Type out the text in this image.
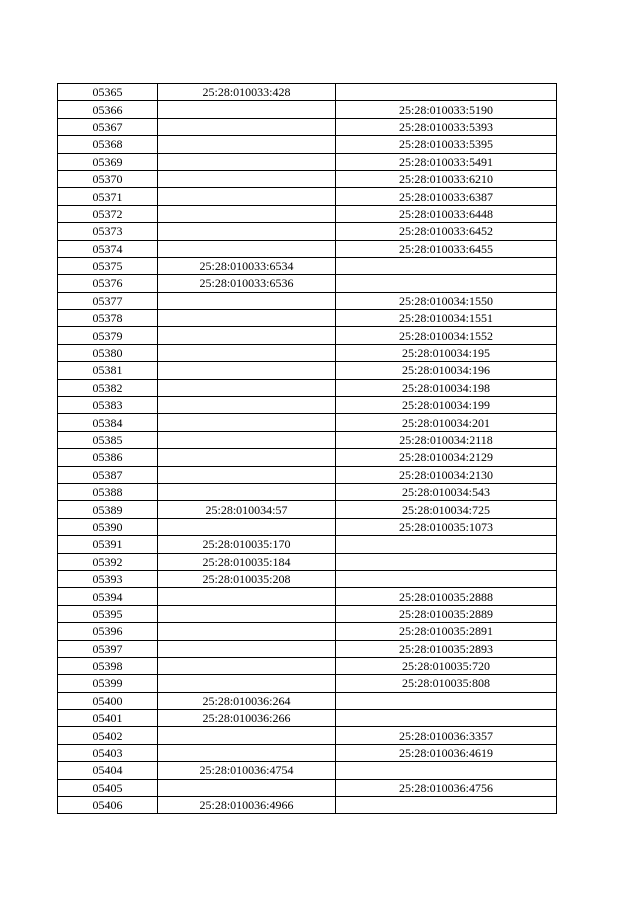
05365	25:28:010033:428	
05366		25:28:010033:5190
05367		25:28:010033:5393
05368		25:28:010033:5395
05369		25:28:010033:5491
05370		25:28:010033:6210
05371		25:28:010033:6387
05372		25:28:010033:6448
05373		25:28:010033:6452
05374		25:28:010033:6455
05375	25:28:010033:6534	
05376	25:28:010033:6536	
05377		25:28:010034:1550
05378		25:28:010034:1551
05379		25:28:010034:1552
05380		25:28:010034:195
05381		25:28:010034:196
05382		25:28:010034:198
05383		25:28:010034:199
05384		25:28:010034:201
05385		25:28:010034:2118
05386		25:28:010034:2129
05387		25:28:010034:2130
05388		25:28:010034:543
05389	25:28:010034:57	25:28:010034:725
05390		25:28:010035:1073
05391	25:28:010035:170	
05392	25:28:010035:184	
05393	25:28:010035:208	
05394		25:28:010035:2888
05395		25:28:010035:2889
05396		25:28:010035:2891
05397		25:28:010035:2893
05398		25:28:010035:720
05399		25:28:010035:808
05400	25:28:010036:264	
05401	25:28:010036:266	
05402		25:28:010036:3357
05403		25:28:010036:4619
05404	25:28:010036:4754	
05405		25:28:010036:4756
05406	25:28:010036:4966	
